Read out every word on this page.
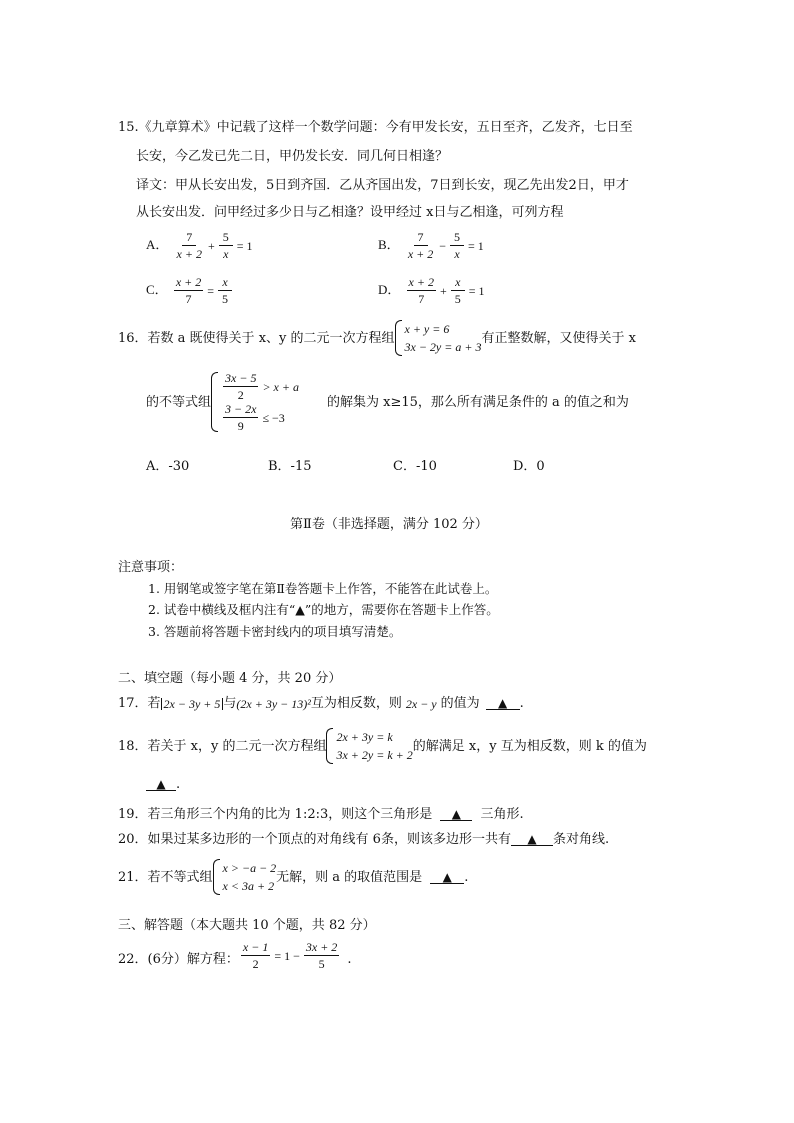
15.《九章算术》中记载了这样一个数学问题：今有甲发长安，五日至齐，乙发齐，七日至
长安，今乙发已先二日，甲仍发长安．同几何日相逢？
译文：甲从长安出发，5日到齐国．乙从齐国出发，7日到长安，现乙先出发2日，甲才
从长安出发．问甲经过多少日与乙相逢？设甲经过 x日与乙相逢，可列方程
A． $\frac{7}{x + 2} + \frac{5}{x} = 1$	B． $\frac{7}{x + 2} - \frac{5}{x} = 1$
C． $\frac{x + 2}{7} = \frac{x}{5}$	D． $\frac{x + 2}{7} + \frac{x}{5} = 1$
16．若数 a 既使得关于 x、y 的二元一次方程组
x + y = 6
3x − 2y = a + 3
有正整数解，又使得关于 x
的不等式组
$\frac{3x - 5}{2} > x + a$
$\frac{3 - 2x}{9} \le -3$
的解集为 x≥15，那么所有满足条件的 a 的值之和为
A．-30	B．-15	C．-10	D．0
第Ⅱ卷（非选择题，满分 102 分）
注意事项：
1. 用钢笔或签字笔在第Ⅱ卷答题卡上作答，不能答在此试卷上。
2. 试卷中横线及框内注有“▲”的地方，需要你在答题卡上作答。
3. 答题前将答题卡密封线内的项目填写清楚。
二、填空题（每小题 4 分，共 20 分）
17．若 2x − 3y + 5 与 (2x + 3y − 13)² 互为相反数，则 2x − y 的值为	▲ .
18．若关于 x，y 的二元一次方程组
2x + 3y = k
3x + 2y = k + 2
的解满足 x，y 互为相反数，则 k 的值为
▲ .
19．若三角形三个内角的比为 1:2:3，则这个三角形是 ▲ 三角形.
20．如果过某多边形的一个顶点的对角线有 6条，则该多边形一共有 ▲ 条对角线.
21．若不等式组
x > −a − 2
x < 3a + 2
无解，则 a 的取值范围是	▲ .
三、解答题（本大题共 10 个题，共 82 分）
22．(6分）解方程： $\frac{x - 1}{2} = 1 - \frac{3x + 2}{5}$ .
